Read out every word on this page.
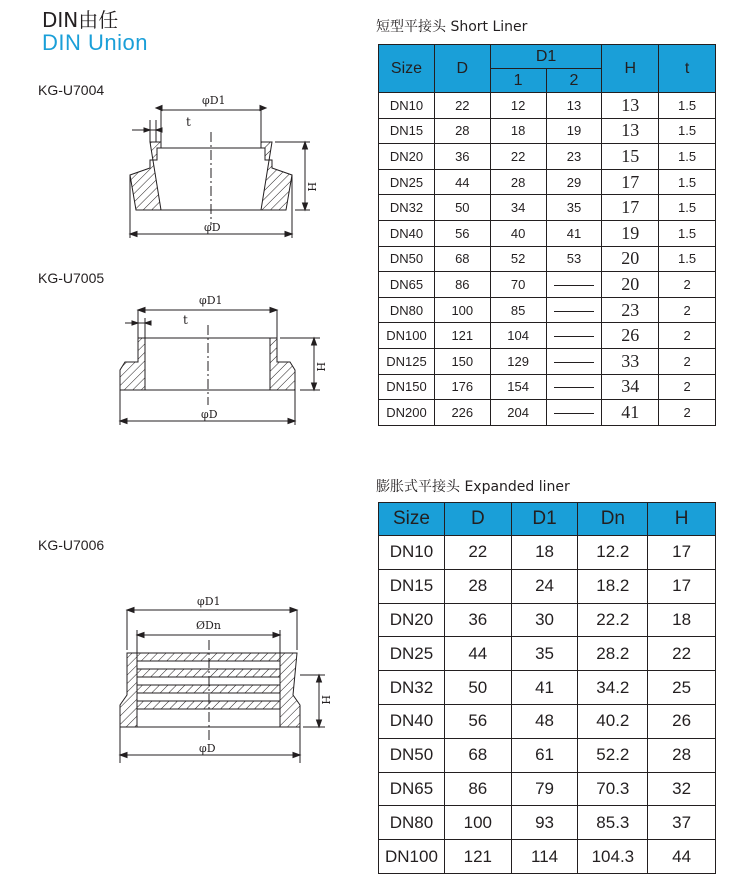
DIN由任
DIN Union
KG-U7004
KG-U7005
KG-U7006
φD1
t
φD
H
φD1
t
φD
H
φD1
ØDn
φD
H
短型平接头 Short Liner
Size	D	D1		H	t
		1	2		
DN10	22	12	13	13	1.5
DN15	28	18	19	13	1.5
DN20	36	22	23	15	1.5
DN25	44	28	29	17	1.5
DN32	50	34	35	17	1.5
DN40	56	40	41	19	1.5
DN50	68	52	53	20	1.5
DN65	86	70		20	2
DN80	100	85		23	2
DN100	121	104		26	2
DN125	150	129		33	2
DN150	176	154		34	2
DN200	226	204		41	2
膨胀式平接头 Expanded liner
Size	D	D1	Dn	H
DN10	22	18	12.2	17
DN15	28	24	18.2	17
DN20	36	30	22.2	18
DN25	44	35	28.2	22
DN32	50	41	34.2	25
DN40	56	48	40.2	26
DN50	68	61	52.2	28
DN65	86	79	70.3	32
DN80	100	93	85.3	37
DN100	121	114	104.3	44
